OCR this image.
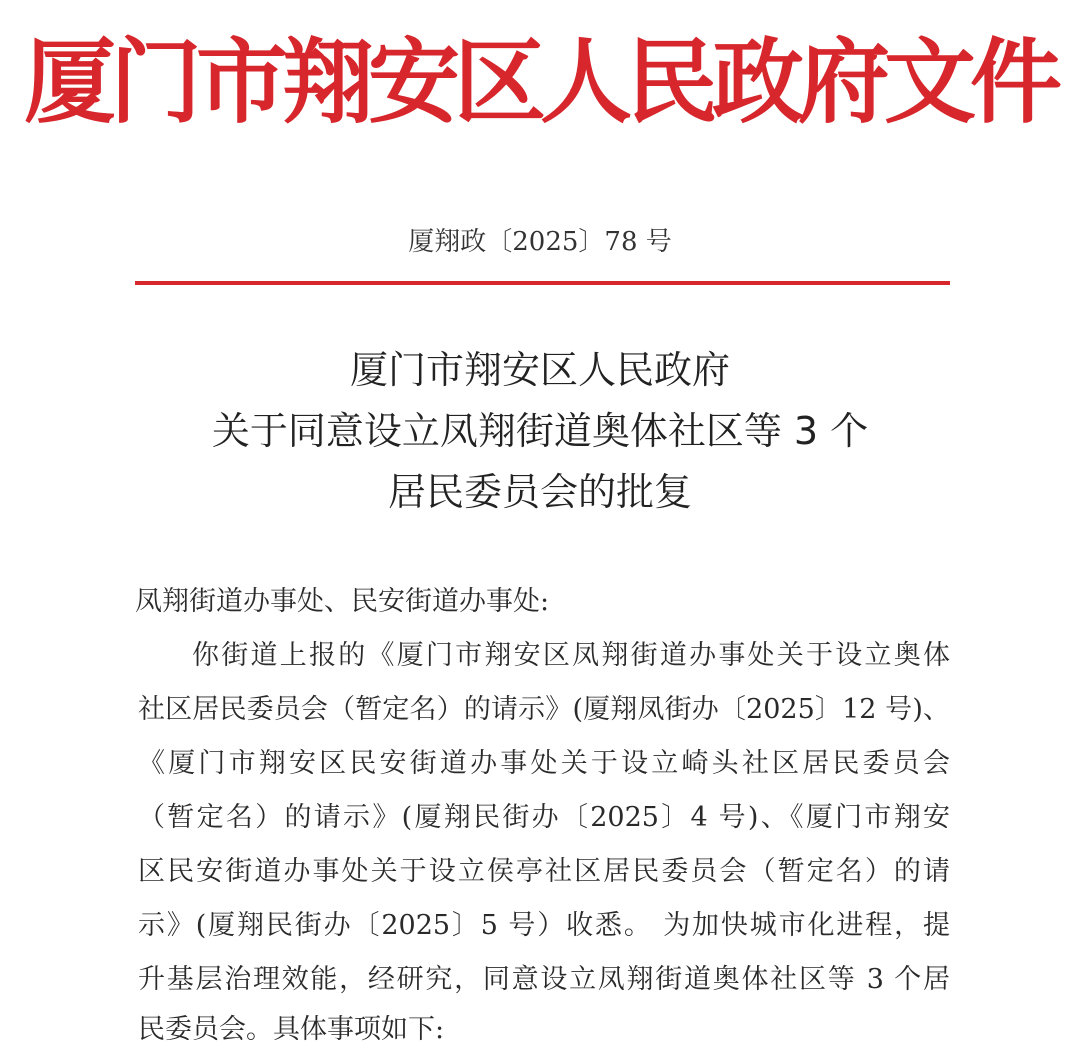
厦门市翔安区人民政府文件
厦翔政〔2025〕78 号
厦门市翔安区人民政府
关于同意设立凤翔街道奥体社区等 3 个
居民委员会的批复
凤翔街道办事处、民安街道办事处:
你街道上报的《厦门市翔安区凤翔街道办事处关于设立奥体
社区居民委员会（暂定名）的请示》(厦翔凤街办〔2025〕12 号)、
《厦门市翔安区民安街道办事处关于设立崎头社区居民委员会
（暂定名）的请示》(厦翔民街办〔2025〕4 号)、《厦门市翔安
区民安街道办事处关于设立侯亭社区居民委员会（暂定名）的请
示》(厦翔民街办〔2025〕5 号）收悉。 为加快城市化进程，提
升基层治理效能，经研究，同意设立凤翔街道奥体社区等 3 个居
民委员会。具体事项如下:
